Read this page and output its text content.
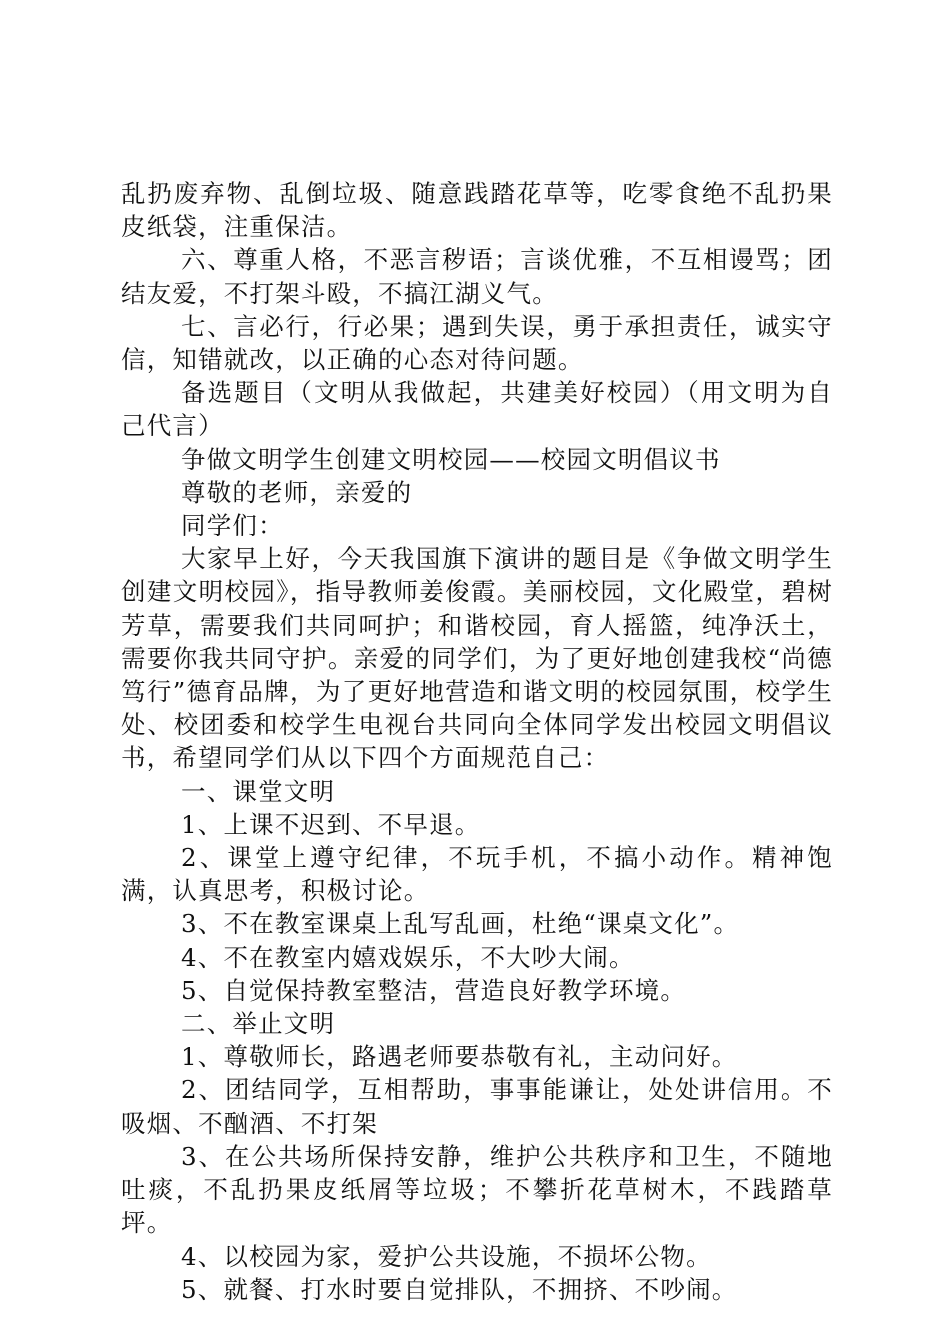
乱扔废弃物、乱倒垃圾、随意践踏花草等，吃零食绝不乱扔果皮纸袋，注重保洁。

六、尊重人格，不恶言秽语；言谈优雅，不互相谩骂；团结友爱，不打架斗殴，不搞江湖义气。

七、言必行，行必果；遇到失误，勇于承担责任，诚实守信，知错就改，以正确的心态对待问题。

备选题目（文明从我做起，共建美好校园）（用文明为自己代言）

争做文明学生创建文明校园——校园文明倡议书

尊敬的老师，亲爱的

同学们：

大家早上好，今天我国旗下演讲的题目是《争做文明学生创建文明校园》，指导教师姜俊霞。美丽校园，文化殿堂，碧树芳草，需要我们共同呵护；和谐校园，育人摇篮，纯净沃土，需要你我共同守护。亲爱的同学们，为了更好地创建我校“尚德笃行”德育品牌，为了更好地营造和谐文明的校园氛围，校学生处、校团委和校学生电视台共同向全体同学发出校园文明倡议书，希望同学们从以下四个方面规范自己：

一、课堂文明

1、上课不迟到、不早退。

2、课堂上遵守纪律，不玩手机，不搞小动作。精神饱满，认真思考，积极讨论。

3、不在教室课桌上乱写乱画，杜绝“课桌文化”。

4、不在教室内嬉戏娱乐，不大吵大闹。

5、自觉保持教室整洁，营造良好教学环境。

二、举止文明

1、尊敬师长，路遇老师要恭敬有礼，主动问好。

2、团结同学，互相帮助，事事能谦让，处处讲信用。不吸烟、不酗酒、不打架

3、在公共场所保持安静，维护公共秩序和卫生，不随地吐痰，不乱扔果皮纸屑等垃圾；不攀折花草树木，不践踏草坪。

4、以校园为家，爱护公共设施，不损坏公物。

5、就餐、打水时要自觉排队，不拥挤、不吵闹。
